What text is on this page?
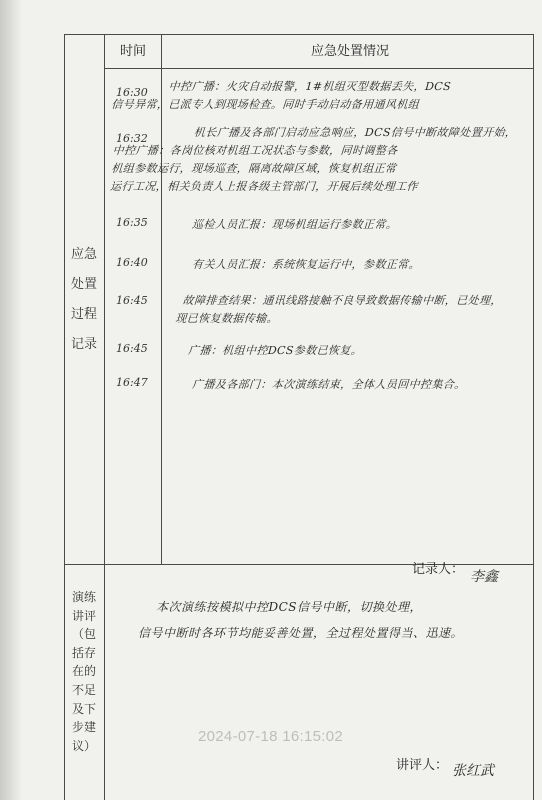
时间	应急处置情况
应急
处置
过程
记录
16:30
16:32
16:35
16:40
16:45
16:45
16:47
中控广播：火灾自动报警，1#机组灭型数据丢失，DCS
信号异常，已派专人到现场检查。同时手动启动备用通风机组
机长广播及各部门启动应急响应，DCS信号中断故障处置开始，
中控广播：各岗位核对机组工况状态与参数，同时调整各
机组参数运行，现场巡查，隔离故障区域，恢复机组正常
运行工况，相关负责人上报各级主管部门，开展后续处理工作
巡检人员汇报：现场机组运行参数正常。
有关人员汇报：系统恢复运行中，参数正常。
故障排查结果：通讯线路接触不良导致数据传输中断，已处理，
现已恢复数据传输。
广播：机组中控DCS参数已恢复。
广播及各部门：本次演练结束，全体人员回中控集合。
记录人： 李鑫
演练
讲评
（包
括存
在的
不足
及下
步建
议）
本次演练按模拟中控DCS信号中断，切换处理，
信号中断时各环节均能妥善处置，全过程处置得当、迅速。
2024-07-18 16:15:02
讲评人： 张红武
